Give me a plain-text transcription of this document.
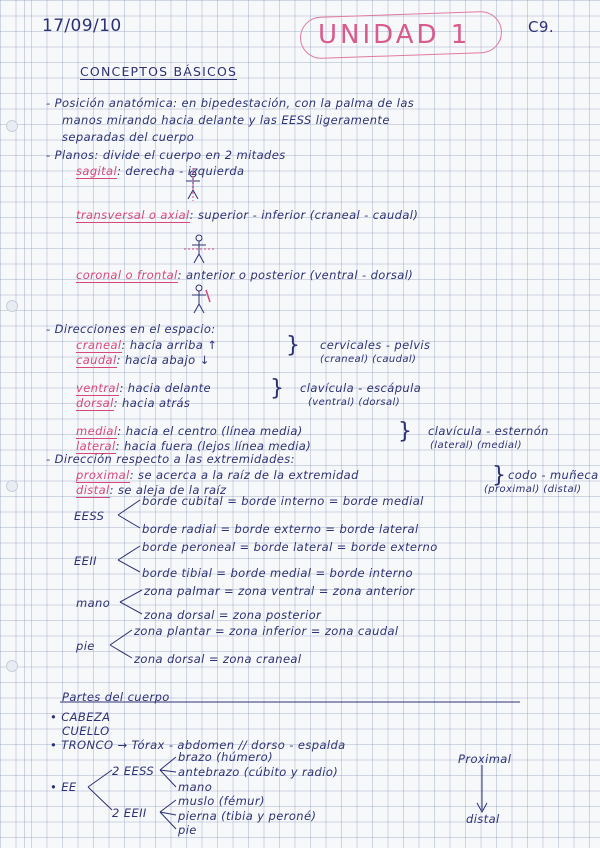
17/09/10	UNIDAD 1	C9.
CONCEPTOS BÁSICOS
- Posición anatómica: en bipedestación, con la palma de las
manos mirando hacia delante y las EESS ligeramente
separadas del cuerpo
- Planos: divide el cuerpo en 2 mitades
sagital: derecha - izquierda
transversal o axial: superior - inferior (craneal - caudal)
coronal o frontal: anterior o posterior (ventral - dorsal)
- Direcciones en el espacio:
craneal: hacia arriba ↑
caudal: hacia abajo ↓
} cervicales - pelvis
(craneal) (caudal)
ventral: hacia delante
dorsal: hacia atrás
} clavícula - escápula
(ventral) (dorsal)
medial: hacia el centro (línea media)
lateral: hacia fuera (lejos línea media)
} clavícula - esternón
(lateral) (medial)
- Dirección respecto a las extremidades:
proximal: se acerca a la raíz de la extremidad
distal: se aleja de la raíz
} codo - muñeca
(proximal) (distal)
EESS
borde cubital = borde interno = borde medial
borde radial = borde externo = borde lateral
EEII
borde peroneal = borde lateral = borde externo
borde tibial = borde medial = borde interno
mano
zona palmar = zona ventral = zona anterior
zona dorsal = zona posterior
pie
zona plantar = zona inferior = zona caudal
zona dorsal = zona craneal
Partes del cuerpo
• CABEZA
CUELLO
• TRONCO → Tórax - abdomen // dorso - espalda
• EE
2 EESS
brazo (húmero)
antebrazo (cúbito y radio)
mano
2 EEII
muslo (fémur)
pierna (tibia y peroné)
pie
Proximal
distal
